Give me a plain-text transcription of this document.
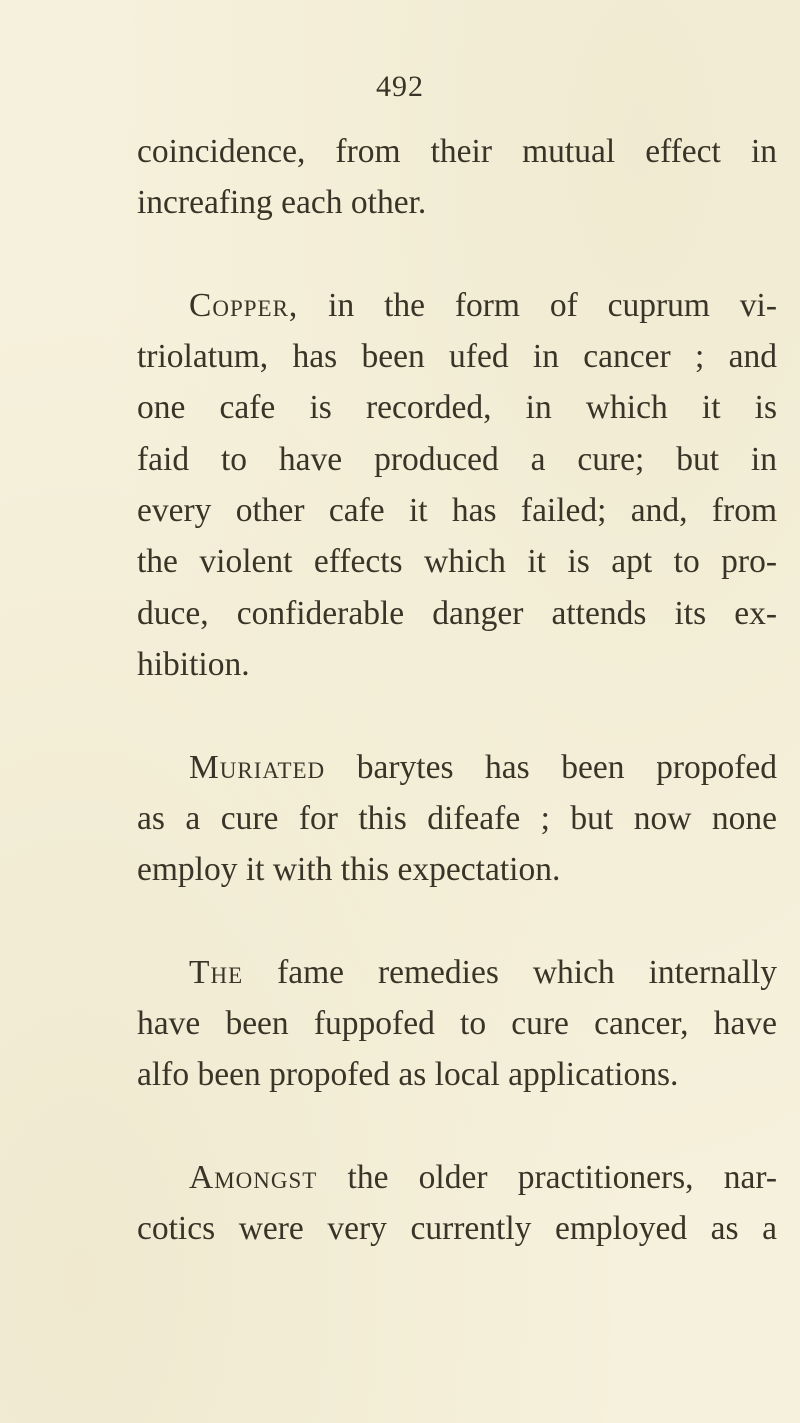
492

coincidence, from their mutual effect in
increafing each other.

Copper, in the form of cuprum vi-
triolatum, has been ufed in cancer ; and
one cafe is recorded, in which it is
faid to have produced a cure; but in
every other cafe it has failed; and, from
the violent effects which it is apt to pro-
duce, confiderable danger attends its ex-
hibition.

Muriated barytes has been propofed
as a cure for this difeafe ; but now none
employ it with this expectation.

The fame remedies which internally
have been fuppofed to cure cancer, have
alfo been propofed as local applications.

Amongst the older practitioners, nar-
cotics were very currently employed as a
